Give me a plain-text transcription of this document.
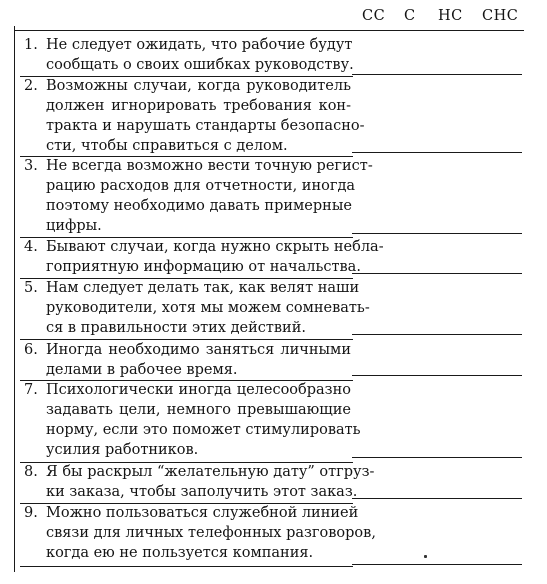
СС С НС СНС
1. Не следует ожидать, что рабочие будут
сообщать о своих ошибках руководству.
2. Возможны случаи, когда руководитель
должен игнорировать требования кон-
тракта и нарушать стандарты безопасно-
сти, чтобы справиться с делом.
3. Не всегда возможно вести точную регист-
рацию расходов для отчетности, иногда
поэтому необходимо давать примерные
цифры.
4. Бывают случаи, когда нужно скрыть небла-
гоприятную информацию от начальства.
5. Нам следует делать так, как велят наши
руководители, хотя мы можем сомневать-
ся в правильности этих действий.
6. Иногда необходимо заняться личными
делами в рабочее время.
7. Психологически иногда целесообразно
задавать цели, немного превышающие
норму, если это поможет стимулировать
усилия работников.
8. Я бы раскрыл “желательную дату” отгруз-
ки заказа, чтобы заполучить этот заказ.
9. Можно пользоваться служебной линией
связи для личных телефонных разговоров,
когда ею не пользуется компания.
